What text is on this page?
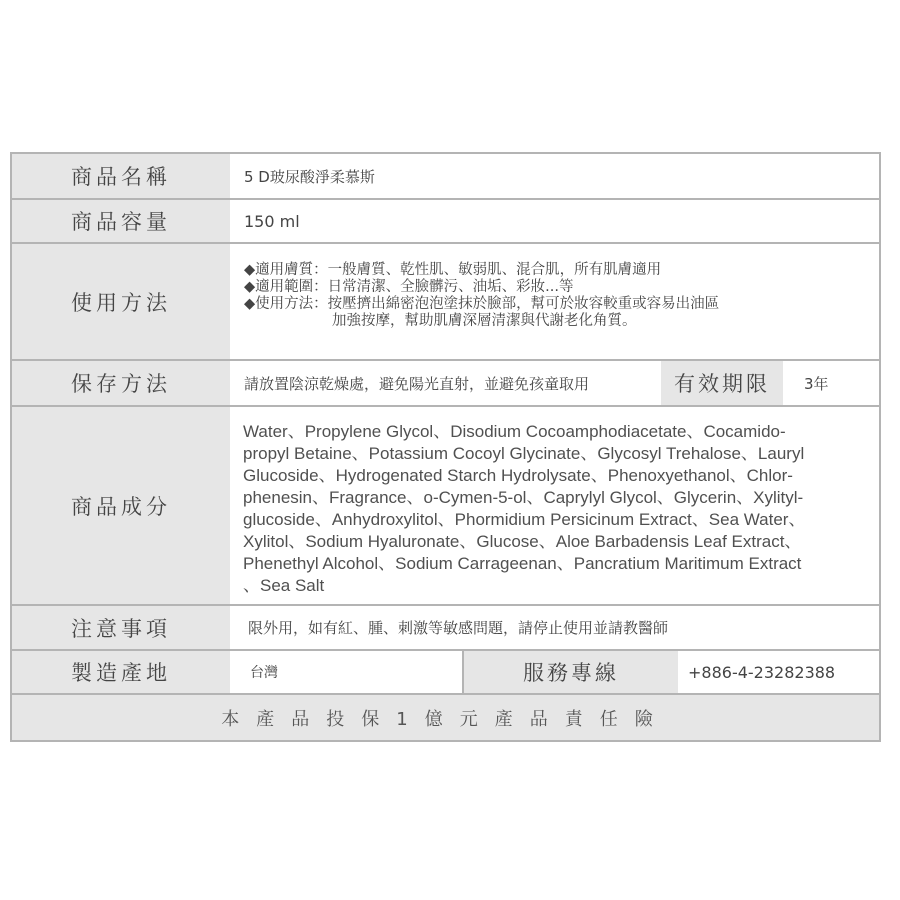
商品名稱	5 D玻尿酸淨柔慕斯
商品容量	150 ml
使用方法
◆適用膚質：一般膚質、乾性肌、敏弱肌、混合肌，所有肌膚適用
◆適用範圍：日常清潔、全臉髒污、油垢、彩妝...等
◆使用方法：按壓擠出綿密泡泡塗抹於臉部，幫可於妝容較重或容易出油區
加強按摩，幫助肌膚深層清潔與代謝老化角質。
保存方法	請放置陰涼乾燥處，避免陽光直射，並避免孩童取用	有效期限	3年
商品成分
Water、Propylene Glycol、Disodium Cocoamphodiacetate、Cocamido-
propyl Betaine、Potassium Cocoyl Glycinate、Glycosyl Trehalose、Lauryl
Glucoside、Hydrogenated Starch Hydrolysate、Phenoxyethanol、Chlor-
phenesin、Fragrance、o-Cymen-5-ol、Caprylyl Glycol、Glycerin、Xylityl-
glucoside、Anhydroxylitol、Phormidium Persicinum Extract、Sea Water、
Xylitol、Sodium Hyaluronate、Glucose、Aloe Barbadensis Leaf Extract、
Phenethyl Alcohol、Sodium Carrageenan、Pancratium Maritimum Extract
、Sea Salt
注意事項	限外用，如有紅、腫、刺激等敏感問題，請停止使用並請教醫師
製造產地	台灣	服務專線	+886-4-23282388
本產品投保1億元產品責任險
